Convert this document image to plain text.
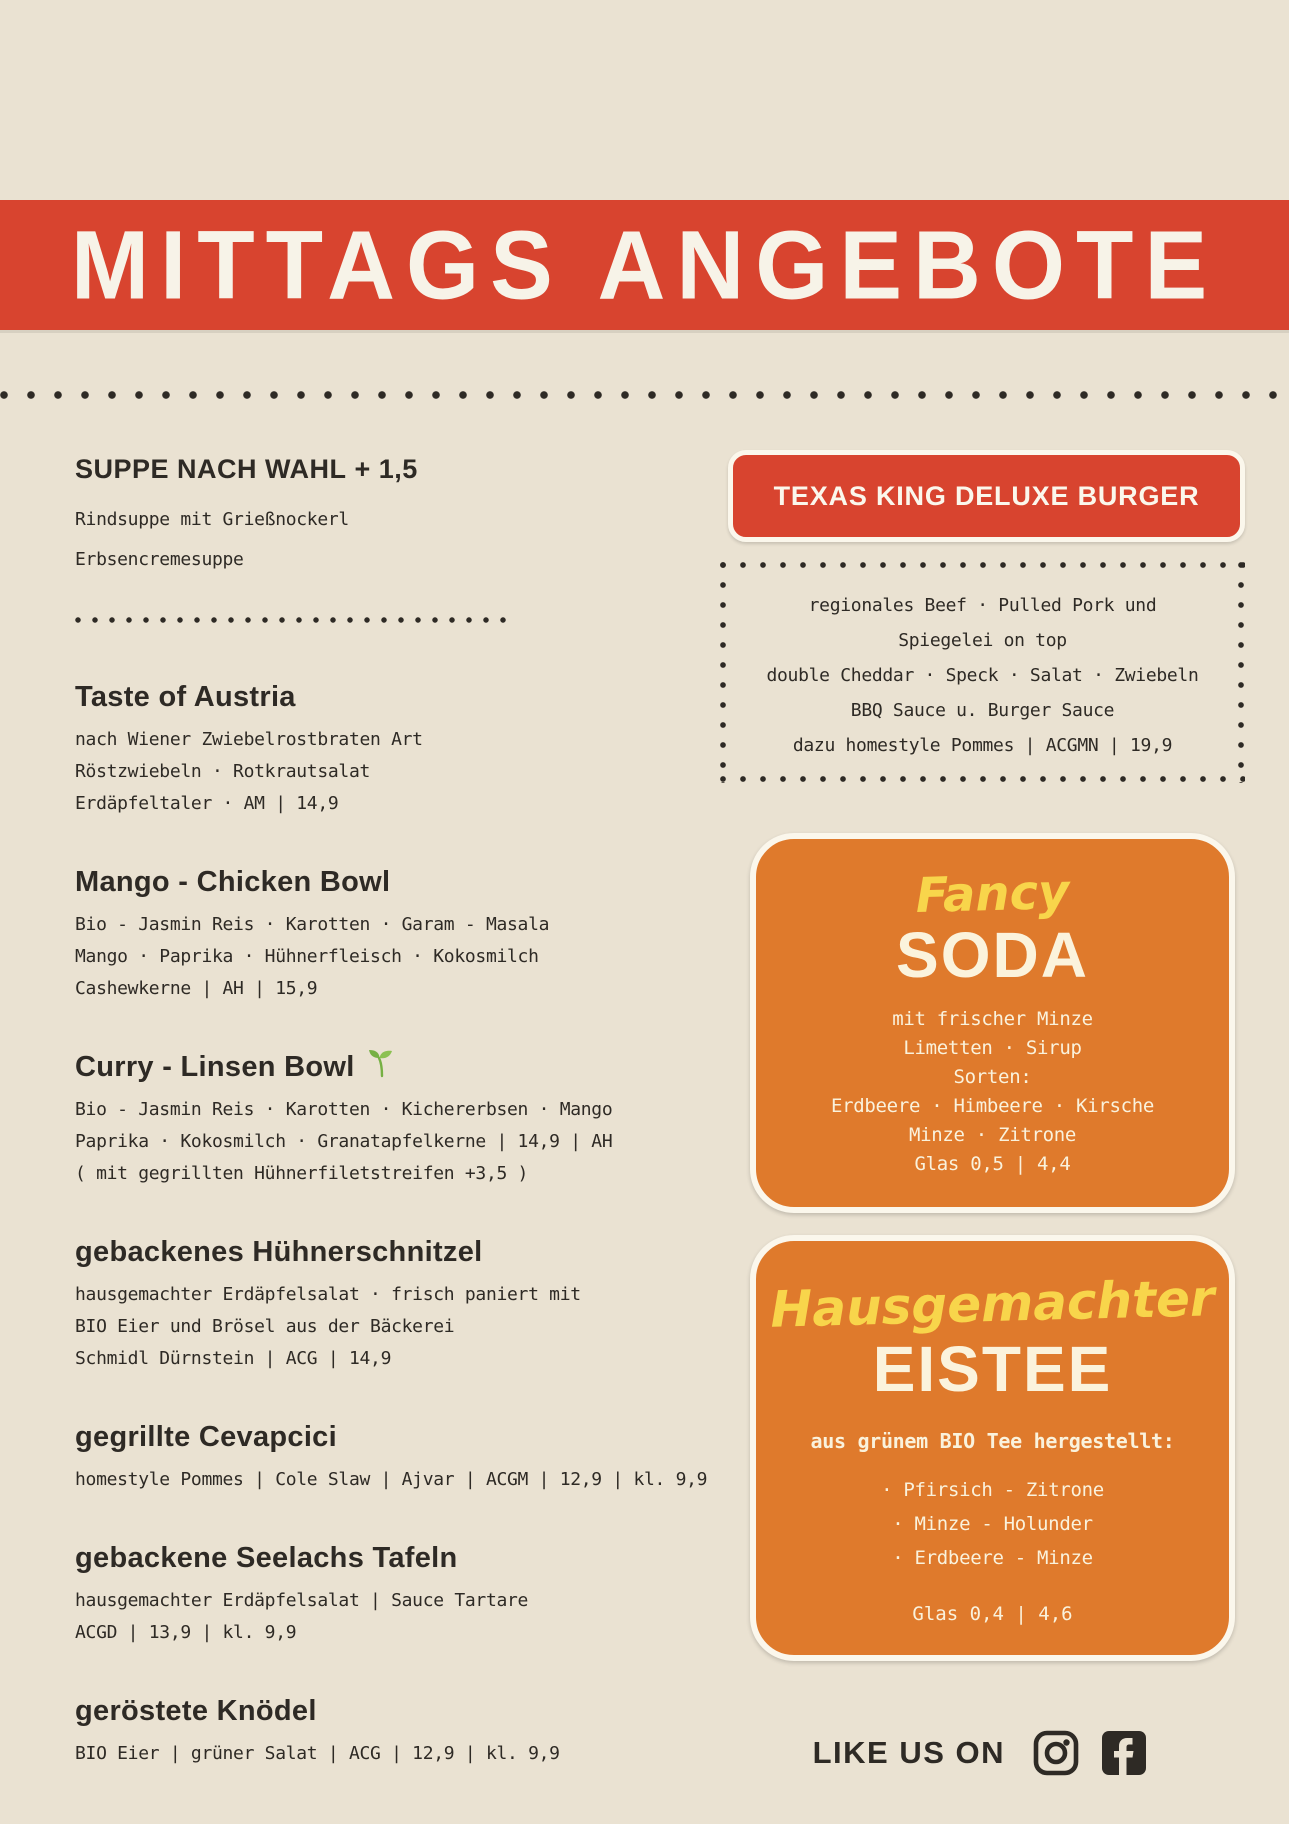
MITTAGS ANGEBOTE
SUPPE NACH WAHL + 1,5
Rindsuppe mit Grießnockerl
Erbsencremesuppe
Taste of Austria
nach Wiener Zwiebelrostbraten Art
Röstzwiebeln · Rotkrautsalat
Erdäpfeltaler · AM | 14,9
Mango - Chicken Bowl
Bio - Jasmin Reis · Karotten · Garam - Masala
Mango · Paprika · Hühnerfleisch · Kokosmilch
Cashewkerne | AH | 15,9
Curry - Linsen Bowl
Bio - Jasmin Reis · Karotten · Kichererbsen · Mango
Paprika · Kokosmilch · Granatapfelkerne | 14,9 | AH
( mit gegrillten Hühnerfiletstreifen +3,5 )
gebackenes Hühnerschnitzel
hausgemachter Erdäpfelsalat · frisch paniert mit
BIO Eier und Brösel aus der Bäckerei
Schmidl Dürnstein | ACG | 14,9
gegrillte Cevapcici
homestyle Pommes | Cole Slaw | Ajvar | ACGM | 12,9 | kl. 9,9
gebackene Seelachs Tafeln
hausgemachter Erdäpfelsalat | Sauce Tartare
ACGD | 13,9 | kl. 9,9
geröstete Knödel
BIO Eier | grüner Salat | ACG | 12,9 | kl. 9,9
TEXAS KING DELUXE BURGER
regionales Beef · Pulled Pork und
Spiegelei on top
double Cheddar · Speck · Salat · Zwiebeln
BBQ Sauce u. Burger Sauce
dazu homestyle Pommes | ACGMN | 19,9
Fancy
SODA
mit frischer Minze
Limetten · Sirup
Sorten:
Erdbeere · Himbeere · Kirsche
Minze · Zitrone
Glas 0,5 | 4,4
Hausgemachter
EISTEE
aus grünem BIO Tee hergestellt:
· Pfirsich - Zitrone
· Minze - Holunder
· Erdbeere - Minze
Glas 0,4 | 4,6
LIKE US ON
